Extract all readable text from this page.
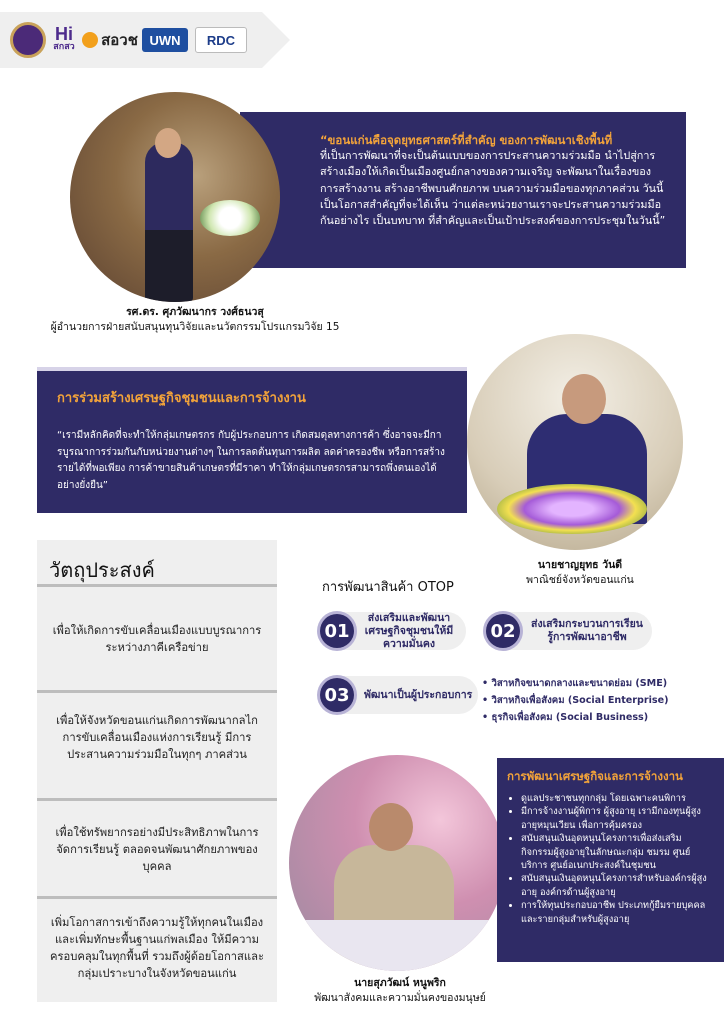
Hi
สกสว สอวช UWN	RDC
“ขอนแก่นคือจุดยุทธศาสตร์ที่สำคัญ ของการพัฒนาเชิงพื้นที่
ที่เป็นการพัฒนาที่จะเป็นต้นแบบของการประสานความร่วมมือ นำไปสู่การสร้างเมืองให้เกิดเป็นเมืองศูนย์กลางของความเจริญ จะพัฒนาในเรื่องของการสร้างงาน สร้างอาชีพบนศักยภาพ บนความร่วมมือของทุกภาคส่วน วันนี้เป็นโอกาสสำคัญที่จะได้เห็น ว่าแต่ละหน่วยงานเราจะประสานความร่วมมือกันอย่างไร เป็นบทบาท ที่สำคัญและเป็นเป้าประสงค์ของการประชุมในวันนี้”
รศ.ดร. ศุภวัฒนากร วงศ์ธนวสุ
ผู้อำนวยการฝ่ายสนับสนุนทุนวิจัยและนวัตกรรมโปรแกรมวิจัย 15
การร่วมสร้างเศรษฐกิจชุมชนและการจ้างงาน

“เรามีหลักคิดที่จะทำให้กลุ่มเกษตรกร กับผู้ประกอบการ เกิดสมดุลทางการค้า ซึ่งอาจจะมีการบูรณาการร่วมกันกับหน่วยงานต่างๆ ในการลดต้นทุนการผลิต ลดค่าครองชีพ หรือการสร้างรายได้ที่พอเพียง การค้าขายสินค้าเกษตรที่มีราคา ทำให้กลุ่มเกษตรกรสามารถพึ่งตนเองได้อย่างยั่งยืน”

นายชาญยุทธ วันดี
พาณิชย์จังหวัดขอนแก่น
วัตถุประสงค์
เพื่อให้เกิดการขับเคลื่อนเมืองแบบบูรณาการ ระหว่างภาคีเครือข่าย
เพื่อให้จังหวัดขอนแก่นเกิดการพัฒนากลไกการขับเคลื่อนเมืองแห่งการเรียนรู้ มีการประสานความร่วมมือในทุกๆ ภาคส่วน
เพื่อใช้ทรัพยากรอย่างมีประสิทธิภาพในการจัดการเรียนรู้ ตลอดจนพัฒนาศักยภาพของบุคคล
เพิ่มโอกาสการเข้าถึงความรู้ให้ทุกคนในเมืองและเพิ่มทักษะพื้นฐานแก่พลเมือง ให้มีความครอบคลุมในทุกพื้นที่ รวมถึงผู้ด้อยโอกาสและกลุ่มเปราะบางในจังหวัดขอนแก่น
การพัฒนาสินค้า OTOP
01
ส่งเสริมและพัฒนาเศรษฐกิจชุมชนให้มีความมั่นคง
02	ส่งเสริมกระบวนการเรียนรู้การพัฒนาอาชีพ
03	พัฒนาเป็นผู้ประกอบการ
• วิสาหกิจขนาดกลางและขนาดย่อม (SME)
• วิสาหกิจเพื่อสังคม (Social Enterprise)
• ธุรกิจเพื่อสังคม (Social Business)
การพัฒนาเศรษฐกิจและการจ้างงาน
• ดูแลประชาชนทุกกลุ่ม โดยเฉพาะคนพิการ
• มีการจ้างงานผู้พิการ ผู้สูงอายุ เรามีกองทุนผู้สูงอายุหมุนเวียน เพื่อการคุ้มครอง
• สนับสนุนเงินอุดหนุนโครงการเพื่อส่งเสริมกิจกรรมผู้สูงอายุในลักษณะกลุ่ม ชมรม ศูนย์บริการ ศูนย์อเนกประสงค์ในชุมชน
• สนับสนุนเงินอุดหนุนโครงการสำหรับองค์กรผู้สูงอายุ องค์กรด้านผู้สูงอายุ
• การให้ทุนประกอบอาชีพ ประเภทกู้ยืมรายบุคคล และรายกลุ่มสำหรับผู้สูงอายุ
นายสุภวัฒน์ หนูพริก
พัฒนาสังคมและความมั่นคงของมนุษย์
